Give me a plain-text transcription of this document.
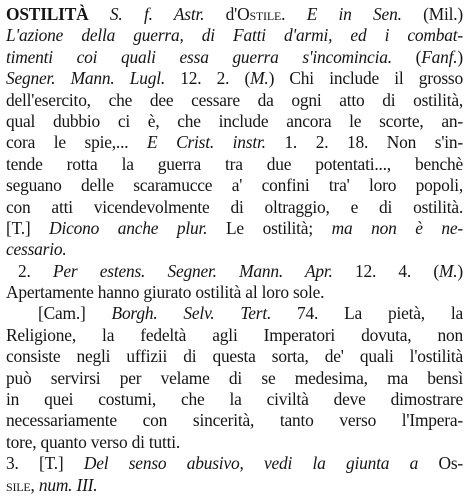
OSTILITÀ S. f. Astr. d'Ostile. E in Sen. (Mil.)
L'azione della guerra, di Fatti d'armi, ed i combat-
timenti coi quali essa guerra s'incomincia. (Fanf.)
Segner. Mann. Lugl. 12. 2. (M.) Chi include il grosso
dell'esercito, che dee cessare da ogni atto di ostilità,
qual dubbio ci è, che include ancora le scorte, an-
cora le spie,... E Crist. instr. 1. 2. 18. Non s'in-
tende rotta la guerra tra due potentati..., benchè
seguano delle scaramucce a' confini tra' loro popoli,
con atti vicendevolmente di oltraggio, e di ostilità.
[T.] Dicono anche plur. Le ostilità; ma non è ne-
cessario.
2. Per estens. Segner. Mann. Apr. 12. 4. (M.)
Apertamente hanno giurato ostilità al loro sole.
[Cam.] Borgh. Selv. Tert. 74. La pietà, la
Religione, la fedeltà agli Imperatori dovuta, non
consiste negli uffizii di questa sorta, de' quali l'ostilità
può servirsi per velame di se medesima, ma bensì
in quei costumi, che la civiltà deve dimostrare
necessariamente con sincerità, tanto verso l'Impera-
tore, quanto verso di tutti.
3. [T.] Del senso abusivo, vedi la giunta a Os-
sile, num. III.
